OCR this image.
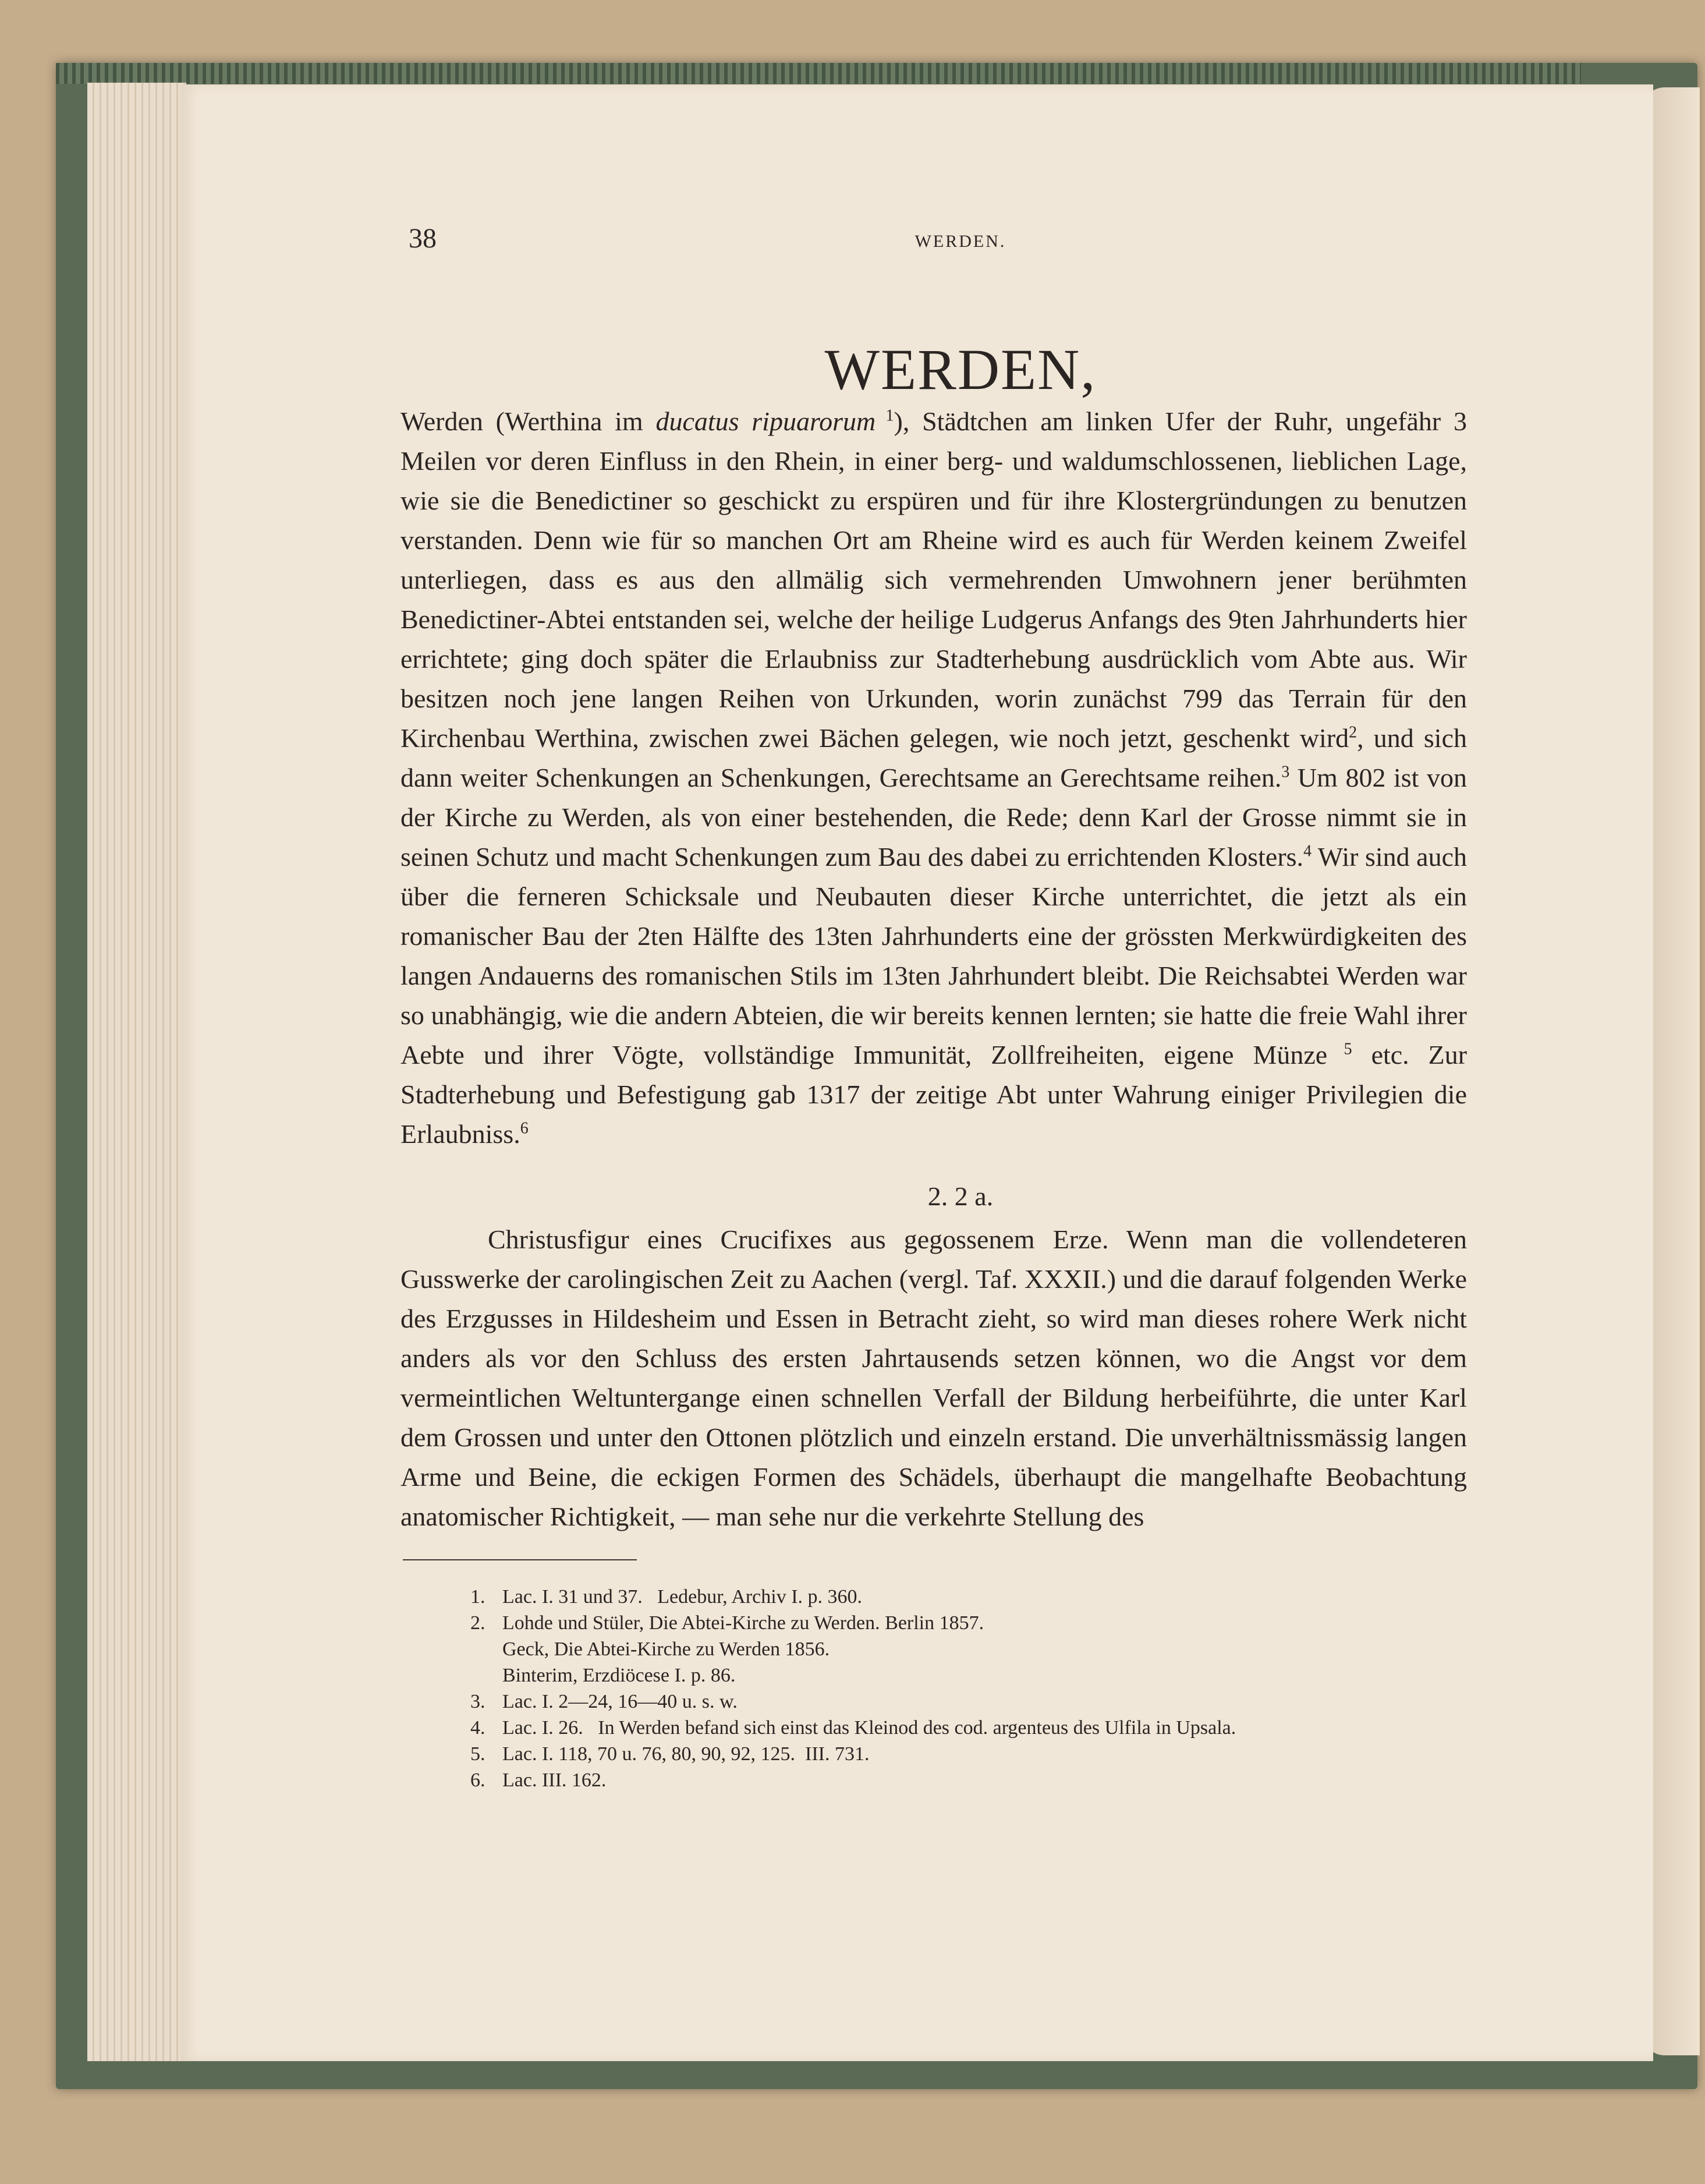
38	WERDEN.
WERDEN,

Werden (Werthina im ducatus ripuarorum $^1$), Städtchen am linken Ufer der Ruhr, ungefähr 3 Meilen vor deren Einfluss in den Rhein, in einer berg- und waldumschlossenen, lieblichen Lage, wie sie die Benedictiner so geschickt zu erspüren und für ihre Klostergründungen zu benutzen verstanden. Denn wie für so manchen Ort am Rheine wird es auch für Werden keinem Zweifel unterliegen, dass es aus den allmälig sich vermehrenden Umwohnern jener berühmten Benedictiner-Abtei entstanden sei, welche der heilige Ludgerus Anfangs des 9ten Jahrhunderts hier errichtete; ging doch später die Erlaubniss zur Stadterhebung ausdrücklich vom Abte aus. Wir besitzen noch jene langen Reihen von Urkunden, worin zunächst 799 das Terrain für den Kirchenbau Werthina, zwischen zwei Bächen gelegen, wie noch jetzt, geschenkt wird$^2$, und sich dann weiter Schenkungen an Schenkungen, Gerechtsame an Gerechtsame reihen.$^3$ Um 802 ist von der Kirche zu Werden, als von einer bestehenden, die Rede; denn Karl der Grosse nimmt sie in seinen Schutz und macht Schenkungen zum Bau des dabei zu errichtenden Klosters.$^4$ Wir sind auch über die ferneren Schicksale und Neubauten dieser Kirche unterrichtet, die jetzt als ein romanischer Bau der 2ten Hälfte des 13ten Jahrhunderts eine der grössten Merkwürdigkeiten des langen Andauerns des romanischen Stils im 13ten Jahrhundert bleibt. Die Reichsabtei Werden war so unabhängig, wie die andern Abteien, die wir bereits kennen lernten; sie hatte die freie Wahl ihrer Aebte und ihrer Vögte, vollständige Immunität, Zollfreiheiten, eigene Münze $^5$ etc. Zur Stadterhebung und Befestigung gab 1317 der zeitige Abt unter Wahrung einiger Privilegien die Erlaubniss.$^6$

2. 2 a.

Christusfigur eines Crucifixes aus gegossenem Erze. Wenn man die vollendeteren Gusswerke der carolingischen Zeit zu Aachen (vergl. Taf. XXXII.) und die darauf folgenden Werke des Erzgusses in Hildesheim und Essen in Betracht zieht, so wird man dieses rohere Werk nicht anders als vor den Schluss des ersten Jahrtausends setzen können, wo die Angst vor dem vermeintlichen Weltuntergange einen schnellen Verfall der Bildung herbeiführte, die unter Karl dem Grossen und unter den Ottonen plötzlich und einzeln erstand. Die unverhältnissmässig langen Arme und Beine, die eckigen Formen des Schädels, überhaupt die mangelhafte Beobachtung anatomischer Richtigkeit, — man sehe nur die verkehrte Stellung des

1. Lac. I. 31 und 37.   Ledebur, Archiv I. p. 360.
2. Lohde und Stüler, Die Abtei-Kirche zu Werden. Berlin 1857.
Geck, Die Abtei-Kirche zu Werden 1856.
Binterim, Erzdiöcese I. p. 86.
3. Lac. I. 2—24, 16—40 u. s. w.
4. Lac. I. 26.   In Werden befand sich einst das Kleinod des cod. argenteus des Ulfila in Upsala.
5. Lac. I. 118, 70 u. 76, 80, 90, 92, 125.  III. 731.
6. Lac. III. 162.
